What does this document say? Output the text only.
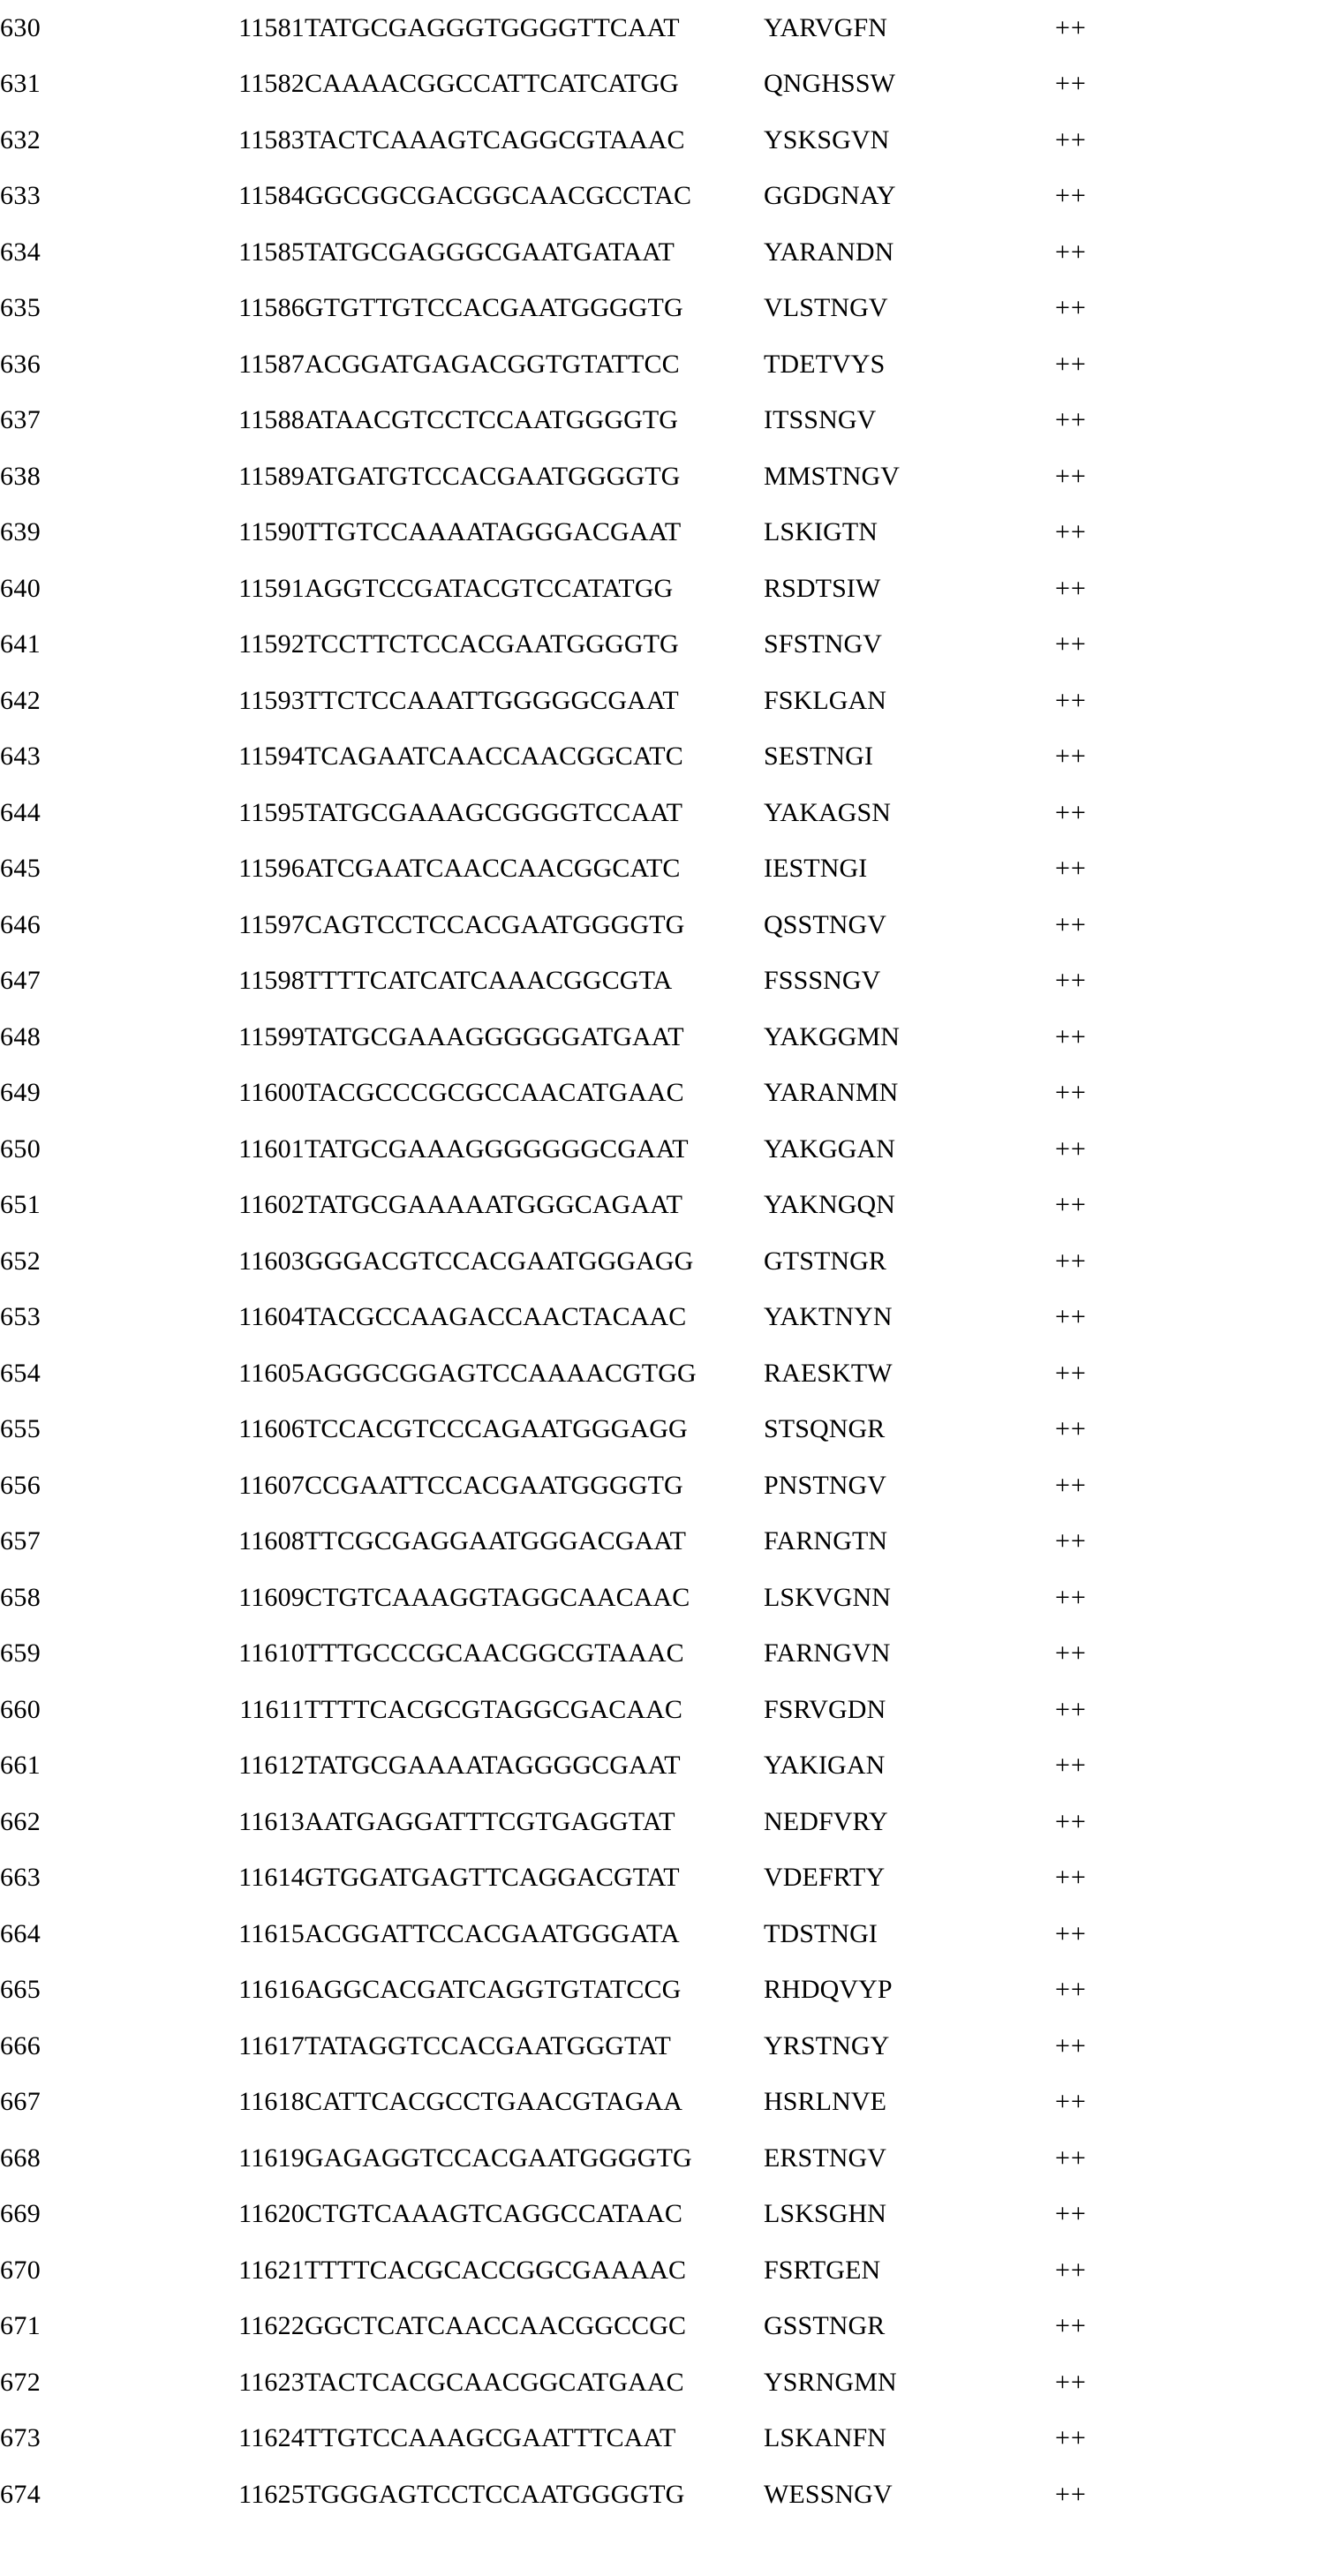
630	11581	TATGCGAGGGTGGGGTTCAAT	YARVGFN	++
631	11582	CAAAACGGCCATTCATCATGG	QNGHSSW	++
632	11583	TACTCAAAGTCAGGCGTAAAC	YSKSGVN	++
633	11584	GGCGGCGACGGCAACGCCTAC	GGDGNAY	++
634	11585	TATGCGAGGGCGAATGATAAT	YARANDN	++
635	11586	GTGTTGTCCACGAATGGGGTG	VLSTNGV	++
636	11587	ACGGATGAGACGGTGTATTCC	TDETVYS	++
637	11588	ATAACGTCCTCCAATGGGGTG	ITSSNGV	++
638	11589	ATGATGTCCACGAATGGGGTG	MMSTNGV	++
639	11590	TTGTCCAAAATAGGGACGAAT	LSKIGTN	++
640	11591	AGGTCCGATACGTCCATATGG	RSDTSIW	++
641	11592	TCCTTCTCCACGAATGGGGTG	SFSTNGV	++
642	11593	TTCTCCAAATTGGGGGCGAAT	FSKLGAN	++
643	11594	TCAGAATCAACCAACGGCATC	SESTNGI	++
644	11595	TATGCGAAAGCGGGGTCCAAT	YAKAGSN	++
645	11596	ATCGAATCAACCAACGGCATC	IESTNGI	++
646	11597	CAGTCCTCCACGAATGGGGTG	QSSTNGV	++
647	11598	TTTTCATCATCAAACGGCGTA	FSSSNGV	++
648	11599	TATGCGAAAGGGGGGATGAAT	YAKGGMN	++
649	11600	TACGCCCGCGCCAACATGAAC	YARANMN	++
650	11601	TATGCGAAAGGGGGGGCGAAT	YAKGGAN	++
651	11602	TATGCGAAAAATGGGCAGAAT	YAKNGQN	++
652	11603	GGGACGTCCACGAATGGGAGG	GTSTNGR	++
653	11604	TACGCCAAGACCAACTACAAC	YAKTNYN	++
654	11605	AGGGCGGAGTCCAAAACGTGG	RAESKTW	++
655	11606	TCCACGTCCCAGAATGGGAGG	STSQNGR	++
656	11607	CCGAATTCCACGAATGGGGTG	PNSTNGV	++
657	11608	TTCGCGAGGAATGGGACGAAT	FARNGTN	++
658	11609	CTGTCAAAGGTAGGCAACAAC	LSKVGNN	++
659	11610	TTTGCCCGCAACGGCGTAAAC	FARNGVN	++
660	11611	TTTTCACGCGTAGGCGACAAC	FSRVGDN	++
661	11612	TATGCGAAAATAGGGGCGAAT	YAKIGAN	++
662	11613	AATGAGGATTTCGTGAGGTAT	NEDFVRY	++
663	11614	GTGGATGAGTTCAGGACGTAT	VDEFRTY	++
664	11615	ACGGATTCCACGAATGGGATA	TDSTNGI	++
665	11616	AGGCACGATCAGGTGTATCCG	RHDQVYP	++
666	11617	TATAGGTCCACGAATGGGTAT	YRSTNGY	++
667	11618	CATTCACGCCTGAACGTAGAA	HSRLNVE	++
668	11619	GAGAGGTCCACGAATGGGGTG	ERSTNGV	++
669	11620	CTGTCAAAGTCAGGCCATAAC	LSKSGHN	++
670	11621	TTTTCACGCACCGGCGAAAAC	FSRTGEN	++
671	11622	GGCTCATCAACCAACGGCCGC	GSSTNGR	++
672	11623	TACTCACGCAACGGCATGAAC	YSRNGMN	++
673	11624	TTGTCCAAAGCGAATTTCAAT	LSKANFN	++
674	11625	TGGGAGTCCTCCAATGGGGTG	WESSNGV	++
